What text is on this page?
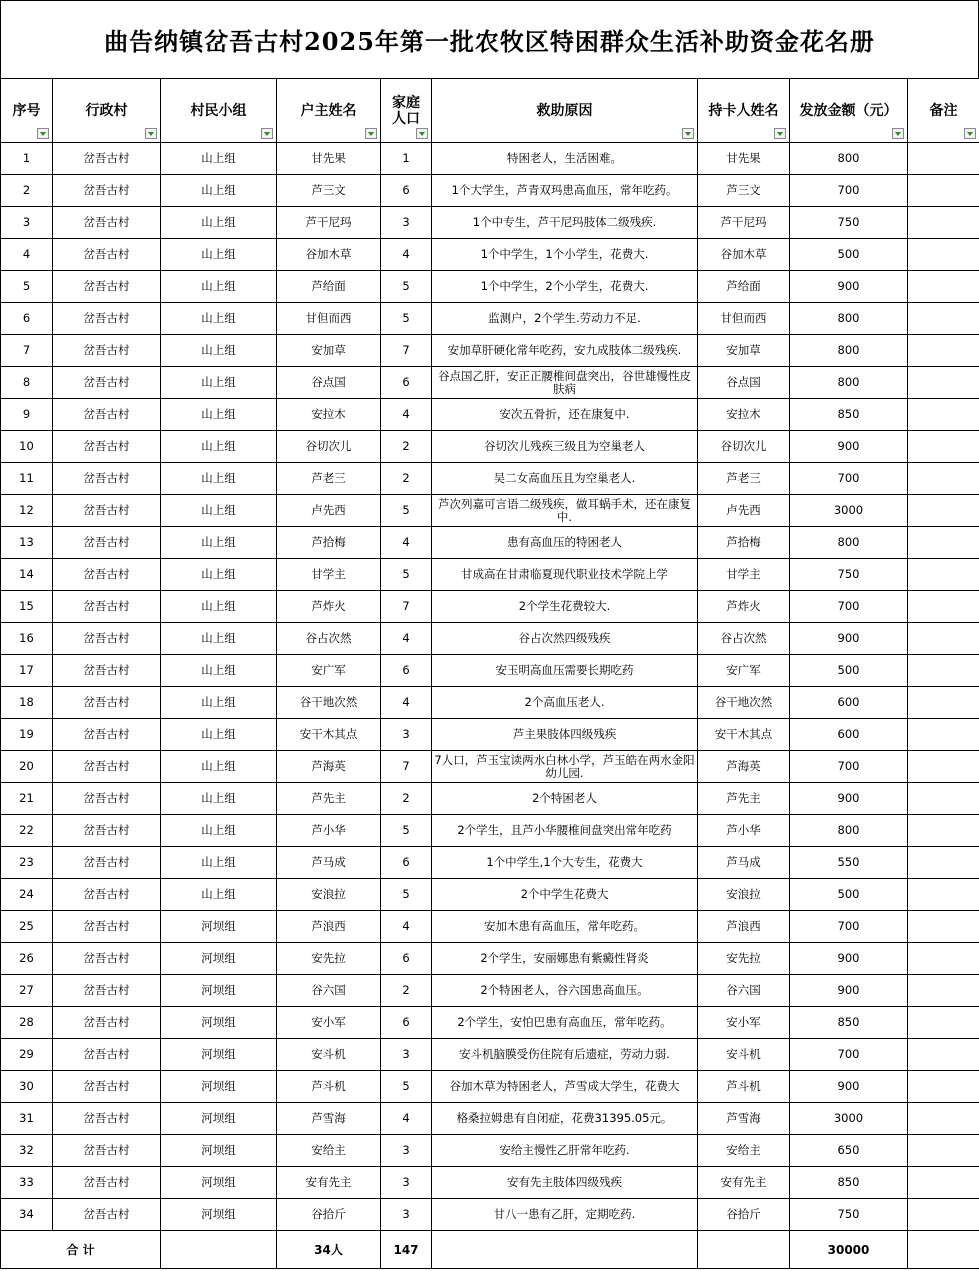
曲告纳镇岔吾古村2025年第一批农牧区特困群众生活补助资金花名册
序号	行政村	村民小组	户主姓名	家庭人口	救助原因	持卡人姓名	发放金额（元）	备注

1	岔吾古村	山上组	甘先果	1	特困老人，生活困难。	甘先果	800	
2	岔吾古村	山上组	芦三文	6	1个大学生，芦青双玛患高血压，常年吃药。	芦三文	700	
3	岔吾古村	山上组	芦干尼玛	3	1个中专生，芦干尼玛肢体二级残疾.	芦干尼玛	750	
4	岔吾古村	山上组	谷加木草	4	1个中学生，1个小学生，花费大.	谷加木草	500	
5	岔吾古村	山上组	芦给面	5	1个中学生，2个小学生，花费大.	芦给面	900	
6	岔吾古村	山上组	甘但而西	5	监测户，2个学生.劳动力不足.	甘但而西	800	
7	岔吾古村	山上组	安加草	7	安加草肝硬化常年吃药，安九成肢体二级残疾.	安加草	800	
8	岔吾古村	山上组	谷点国	6	谷点国乙肝，安正正腰椎间盘突出，谷世雄慢性皮肤病	谷点国	800	
9	岔吾古村	山上组	安拉木	4	安次五骨折，还在康复中.	安拉木	850	
10	岔吾古村	山上组	谷切次儿	2	谷切次儿残疾三级且为空巢老人	谷切次儿	900	
11	岔吾古村	山上组	芦老三	2	吴二女高血压且为空巢老人.	芦老三	700	
12	岔吾古村	山上组	卢先西	5	芦次列嘉可言语二级残疾，做耳蜗手术，还在康复中.	卢先西	3000	
13	岔吾古村	山上组	芦拾梅	4	患有高血压的特困老人	芦拾梅	800	
14	岔吾古村	山上组	甘学主	5	甘成高在甘肃临夏现代职业技术学院上学	甘学主	750	
15	岔吾古村	山上组	芦炸火	7	2个学生花费较大.	芦炸火	700	
16	岔吾古村	山上组	谷占次然	4	谷占次然四级残疾	谷占次然	900	
17	岔吾古村	山上组	安广军	6	安玉明高血压需要长期吃药	安广军	500	
18	岔吾古村	山上组	谷干地次然	4	2个高血压老人.	谷干地次然	600	
19	岔吾古村	山上组	安干木其点	3	芦主果肢体四级残疾	安干木其点	600	
20	岔吾古村	山上组	芦海英	7	7人口，芦玉宝读两水白林小学，芦玉皓在两水金阳幼儿园.	芦海英	700	
21	岔吾古村	山上组	芦先主	2	2个特困老人	芦先主	900	
22	岔吾古村	山上组	芦小华	5	2个学生，且芦小华腰椎间盘突出常年吃药	芦小华	800	
23	岔吾古村	山上组	芦马成	6	1个中学生,1个大专生，花费大	芦马成	550	
24	岔吾古村	山上组	安浪拉	5	2个中学生花费大	安浪拉	500	
25	岔吾古村	河坝组	芦浪西	4	安加木患有高血压，常年吃药。	芦浪西	700	
26	岔吾古村	河坝组	安先拉	6	2个学生，安丽娜患有紫癜性肾炎	安先拉	900	
27	岔吾古村	河坝组	谷六国	2	2个特困老人，谷六国患高血压。	谷六国	900	
28	岔吾古村	河坝组	安小军	6	2个学生，安怕巴患有高血压，常年吃药。	安小军	850	
29	岔吾古村	河坝组	安斗机	3	安斗机脑膜受伤住院有后遗症，劳动力弱.	安斗机	700	
30	岔吾古村	河坝组	芦斗机	5	谷加木草为特困老人，芦雪成大学生，花费大	芦斗机	900	
31	岔吾古村	河坝组	芦雪海	4	格桑拉姆患有自闭症，花费31395.05元。	芦雪海	3000	
32	岔吾古村	河坝组	安给主	3	安给主慢性乙肝常年吃药.	安给主	650	
33	岔吾古村	河坝组	安有先主	3	安有先主肢体四级残疾	安有先主	850	
34	岔吾古村	河坝组	谷拾斤	3	甘八一患有乙肝，定期吃药.	谷拾斤	750	
合 计			34人	147			30000	
